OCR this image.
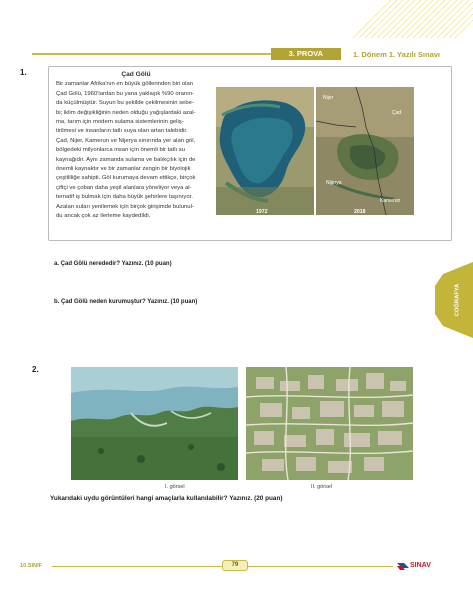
3. PROVA	1. Dönem 1. Yazılı Sınavı
1.	Çad Gölü
Bir zamanlar Afrika'nın en büyük göllerinden biri olan
Çad Gölü, 1960'lardan bu yana yaklaşık %90 oranın-
da küçülmüştür. Suyun bu şekilde çekilmesinin sebe-
bi; iklim değişikliğinin neden olduğu yağışlardaki azal-
ma, tarım için modern sulama sistemlerinin geliş-
tirilmesi ve insanların tatlı suya olan artan talebidir.
Çad, Nijer, Kamerun ve Nijerya sınırında yer alan göl,
bölgedeki milyonlarca insan için önemli bir tatlı su
kaynağıdır. Aynı zamanda sulama ve balıkçılık için de
önemli kaynaktır ve bir zamanlar zengin bir biyolojik
çeşitliliğe sahipti. Göl kurumaya devam ettikçe, birçok
çiftçi ve çoban daha yeşil alanlara yöneliyor veya al-
ternatif iş bulmak için daha büyük şehirlere taşınıyor.
Azalan suları yenilemek için birçok girişimde bulunul-
du ancak çok az ilerleme kaydedildi.
Nijer
Çad
Nijerya
Kamerun
1972	2018
a. Çad Gölü nerededir? Yazınız. (10 puan)
b. Çad Gölü neden kurumuştur? Yazınız. (10 puan)	COĞRAFYA
2.
I. görsel	II. görsel
Yukarıdaki uydu görüntüleri hangi amaçlarla kullanılabilir? Yazınız. (20 puan)
10.SINIF	79	SINAV
